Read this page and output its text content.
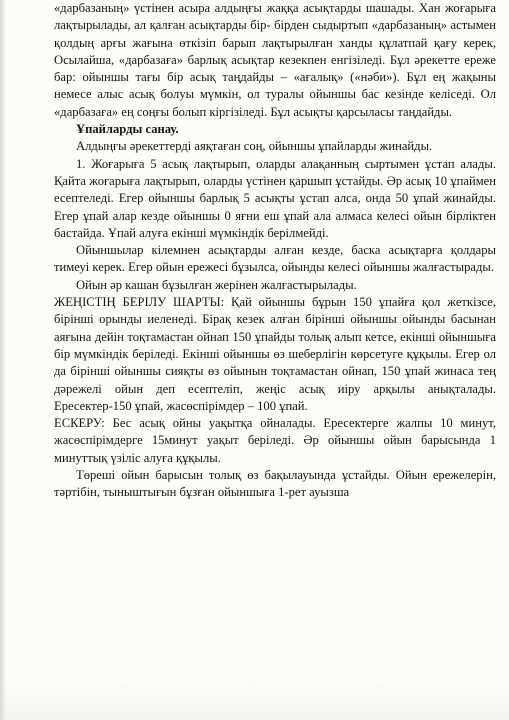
«дарбазаның» үстінен асыра алдыңғы жаққа асықтарды шашады. Хан жоғарыға лақтырылады, ал қалған асықтарды бір- бірден сыдыртып «дарбазаның» астымен қолдың арғы жағына өткізіп барып лақтырылған ханды құлатпай қағу керек, Осылайша, «дарбазаға» барлық асықтар кезекпен енгізіледі. Бұл әрекетте ереже бар: ойыншы тағы бір асық таңдайды – «ағалық» («нәби»). Бұл ең жақыны немесе алыс асық болуы мүмкін, ол туралы ойыншы бас кезінде келіседі. Ол «дарбазаға» ең соңғы болып кіргізіледі. Бұл асықты қарсыласы таңдайды.

Ұпайларды санау.

Алдыңғы әрекеттерді аяқтаған соң, ойыншы ұпайларды жинайды.

1. Жоғарыға 5 асық лақтырып, оларды алақанның сыртымен ұстап алады. Қайта жоғарыға лақтырып, оларды үстінен қаршып ұстайды. Әр асық 10 ұпаймен есептеледі. Егер ойыншы барлық 5 асықты ұстап алса, онда 50 ұпай жинайды. Егер ұпай алар кезде ойыншы 0 яғни еш ұпай ала алмаса келесі ойын бірліктен бастайда. Ұпай алуға екінші мүмкіндік берілмейді.

Ойыншылар кілемнен асықтарды алған кезде, баска асықтарға қолдары тимеуі керек. Егер ойын ережесі бұзылса, ойынды келесі ойыншы жалғастырады.

Ойын әр кашан бұзылған жерінен жалғастырылады.

ЖЕҢІСТІҢ БЕРІЛУ ШАРТЫ: Қай ойыншы бұрын 150 ұпайға қол жеткізсе, бірінші орынды иеленеді. Бірақ кезек алған бірінші ойыншы ойынды басынан аяғына дейін тоқтамастан ойнап 150 ұпайды толық алып кетсе, екінші ойыншыға бір мүмкіндік беріледі. Екінші ойыншы өз шеберлігін көрсетуге құқылы. Егер ол да бірінші ойыншы сияқты өз ойынын тоқтамастан ойнап, 150 ұпай жинаса тең дәрежелі ойын деп есептеліп, жеңіс асық иіру арқылы анықталады. Ересектер-150 ұпай, жасөспірімдер – 100 ұпай.

ЕСКЕРУ: Бес асық ойны уақытқа ойналады. Ересектерге жалпы 10 минут, жасөспірімдерге 15минут уақыт беріледі. Әр ойыншы ойын барысында 1 минуттық үзіліс алуға құқылы.

Төреші ойын барысын толық өз бақылауында ұстайды. Ойын ережелерін, тәртібін, тыныштығын бұзған ойыншыға 1-рет ауызша
